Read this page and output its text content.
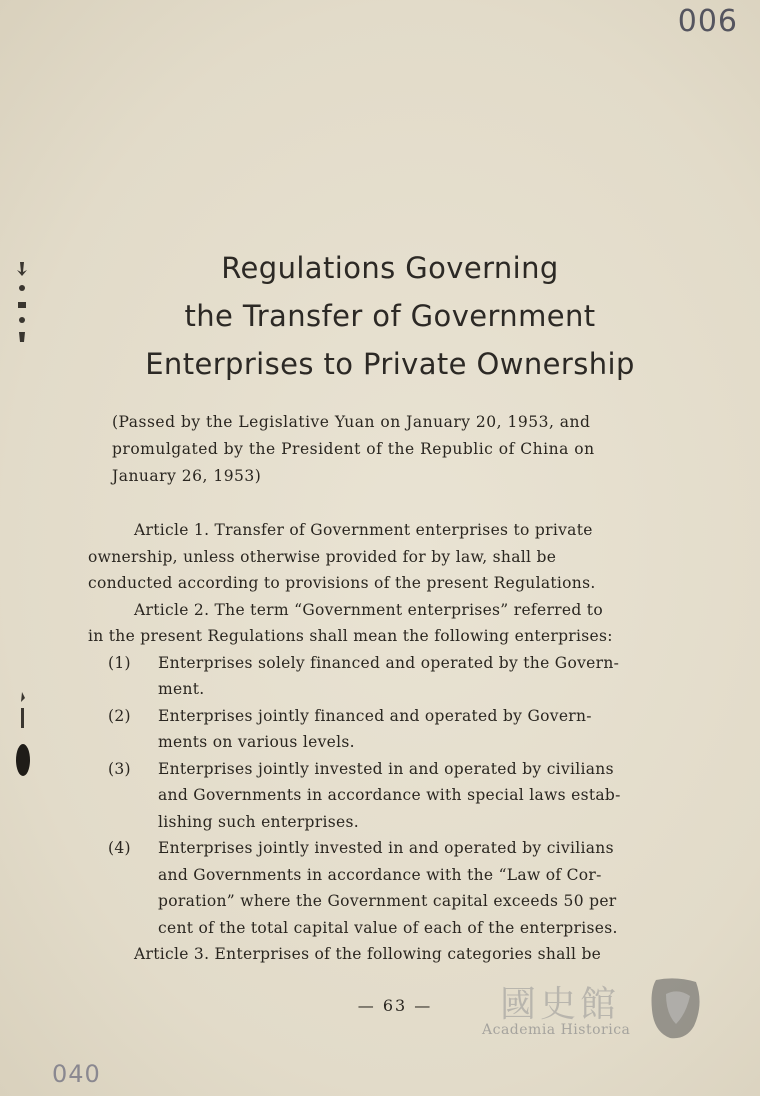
006
Regulations Governing
the Transfer of Government
Enterprises to Private Ownership
(Passed by the Legislative Yuan on January 20, 1953, and
promulgated by the President of the Republic of China on
January 26, 1953)
Article 1. Transfer of Government enterprises to private
ownership, unless otherwise provided for by law, shall be
conducted according to provisions of the present Regulations.
Article 2. The term “Government enterprises” referred to
in the present Regulations shall mean the following enterprises:
(1)	Enterprises solely financed and operated by the Govern-
ment.
(2)	Enterprises jointly financed and operated by Govern-
ments on various levels.
(3)	Enterprises jointly invested in and operated by civilians
and Governments in accordance with special laws estab-
lishing such enterprises.
(4)	Enterprises jointly invested in and operated by civilians
and Governments in accordance with the “Law of Cor-
poration” where the Government capital exceeds 50 per
cent of the total capital value of each of the enterprises.
Article 3. Enterprises of the following categories shall be
— 63 —	國史館
Academia Historica
040
